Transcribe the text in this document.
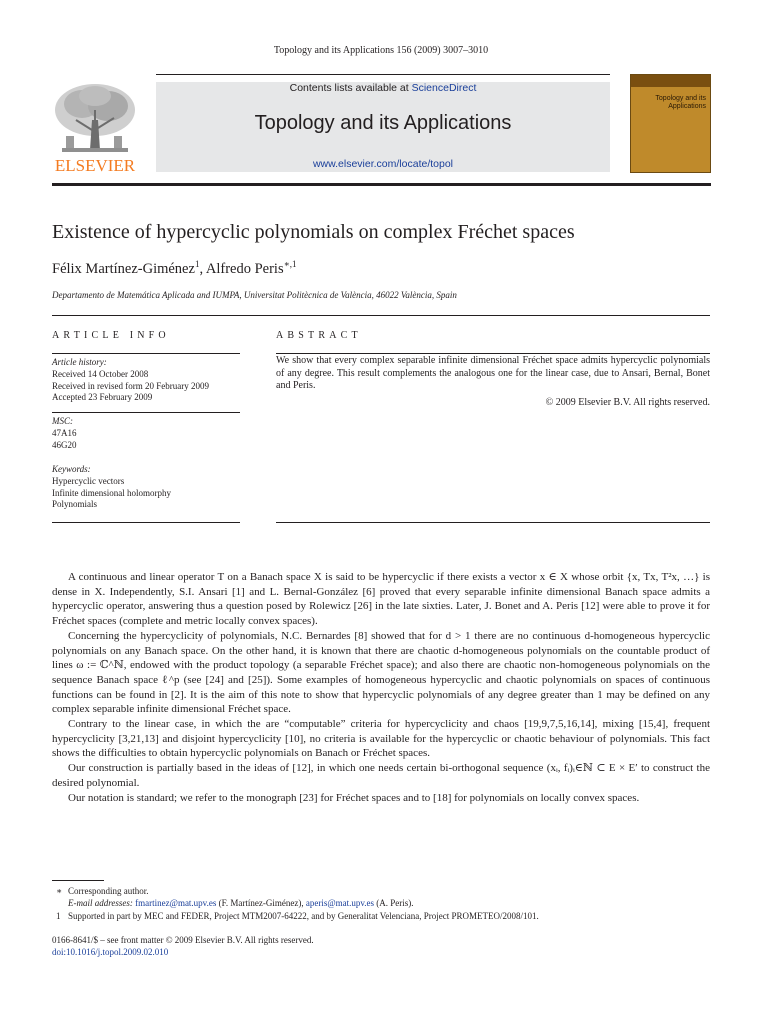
Topology and its Applications 156 (2009) 3007–3010
ELSEVIER
Contents lists available at ScienceDirect
Topology and its Applications
www.elsevier.com/locate/topol
Topology and its Applications
Existence of hypercyclic polynomials on complex Fréchet spaces
Félix Martínez-Giménez$^1$, Alfredo Peris$^{∗,1}$
Departamento de Matemática Aplicada and IUMPA, Universitat Politècnica de València, 46022 València, Spain
ARTICLE INFO	ABSTRACT
Article history:
Received 14 October 2008
Received in revised form 20 February 2009
Accepted 23 February 2009
MSC:
47A16
46G20
Keywords:
Hypercyclic vectors
Infinite dimensional holomorphy
Polynomials
We show that every complex separable infinite dimensional Fréchet space admits hypercyclic polynomials of any degree. This result complements the analogous one for the linear case, due to Ansari, Bernal, Bonet and Peris.
© 2009 Elsevier B.V. All rights reserved.

A continuous and linear operator T on a Banach space X is said to be hypercyclic if there exists a vector x ∈ X whose orbit {x, Tx, T²x, …} is dense in X. Independently, S.I. Ansari [1] and L. Bernal-González [6] proved that every separable infinite dimensional Banach space admits a hypercyclic operator, answering thus a question posed by Rolewicz [26] in the late sixties. Later, J. Bonet and A. Peris [12] were able to prove it for Fréchet spaces (complete and metric locally convex spaces).

Concerning the hypercyclicity of polynomials, N.C. Bernardes [8] showed that for d > 1 there are no continuous d-homogeneous hypercyclic polynomials on any Banach space. On the other hand, it is known that there are chaotic d-homogeneous polynomials on the countable product of lines ω := ℂ^ℕ, endowed with the product topology (a separable Fréchet space); and also there are chaotic non-homogeneous polynomials on the sequence Banach space ℓ^p (see [24] and [25]). Some examples of homogeneous hypercyclic and chaotic polynomials on spaces of continuous functions can be found in [2]. It is the aim of this note to show that hypercyclic polynomials of any degree greater than 1 may be defined on any complex separable infinite dimensional Fréchet space.

Contrary to the linear case, in which the are “computable” criteria for hypercyclicity and chaos [19,9,7,5,16,14], mixing [15,4], frequent hypercyclicity [3,21,13] and disjoint hypercyclicity [10], no criteria is available for the hypercyclic or chaotic behaviour of polynomials. This fact shows the difficulties to obtain hypercyclic polynomials on Banach or Fréchet spaces.

Our construction is partially based in the ideas of [12], in which one needs certain bi-orthogonal sequence (xᵢ, fᵢ)ᵢ∈ℕ ⊂ E × E′ to construct the desired polynomial.

Our notation is standard; we refer to the monograph [23] for Fréchet spaces and to [18] for polynomials on locally convex spaces.

∗ Corresponding author.
E-mail addresses: fmartinez@mat.upv.es (F. Martínez-Giménez), aperis@mat.upv.es (A. Peris).
1 Supported in part by MEC and FEDER, Project MTM2007-64222, and by Generalitat Velenciana, Project PROMETEO/2008/101.
0166-8641/$ – see front matter © 2009 Elsevier B.V. All rights reserved.
doi:10.1016/j.topol.2009.02.010
